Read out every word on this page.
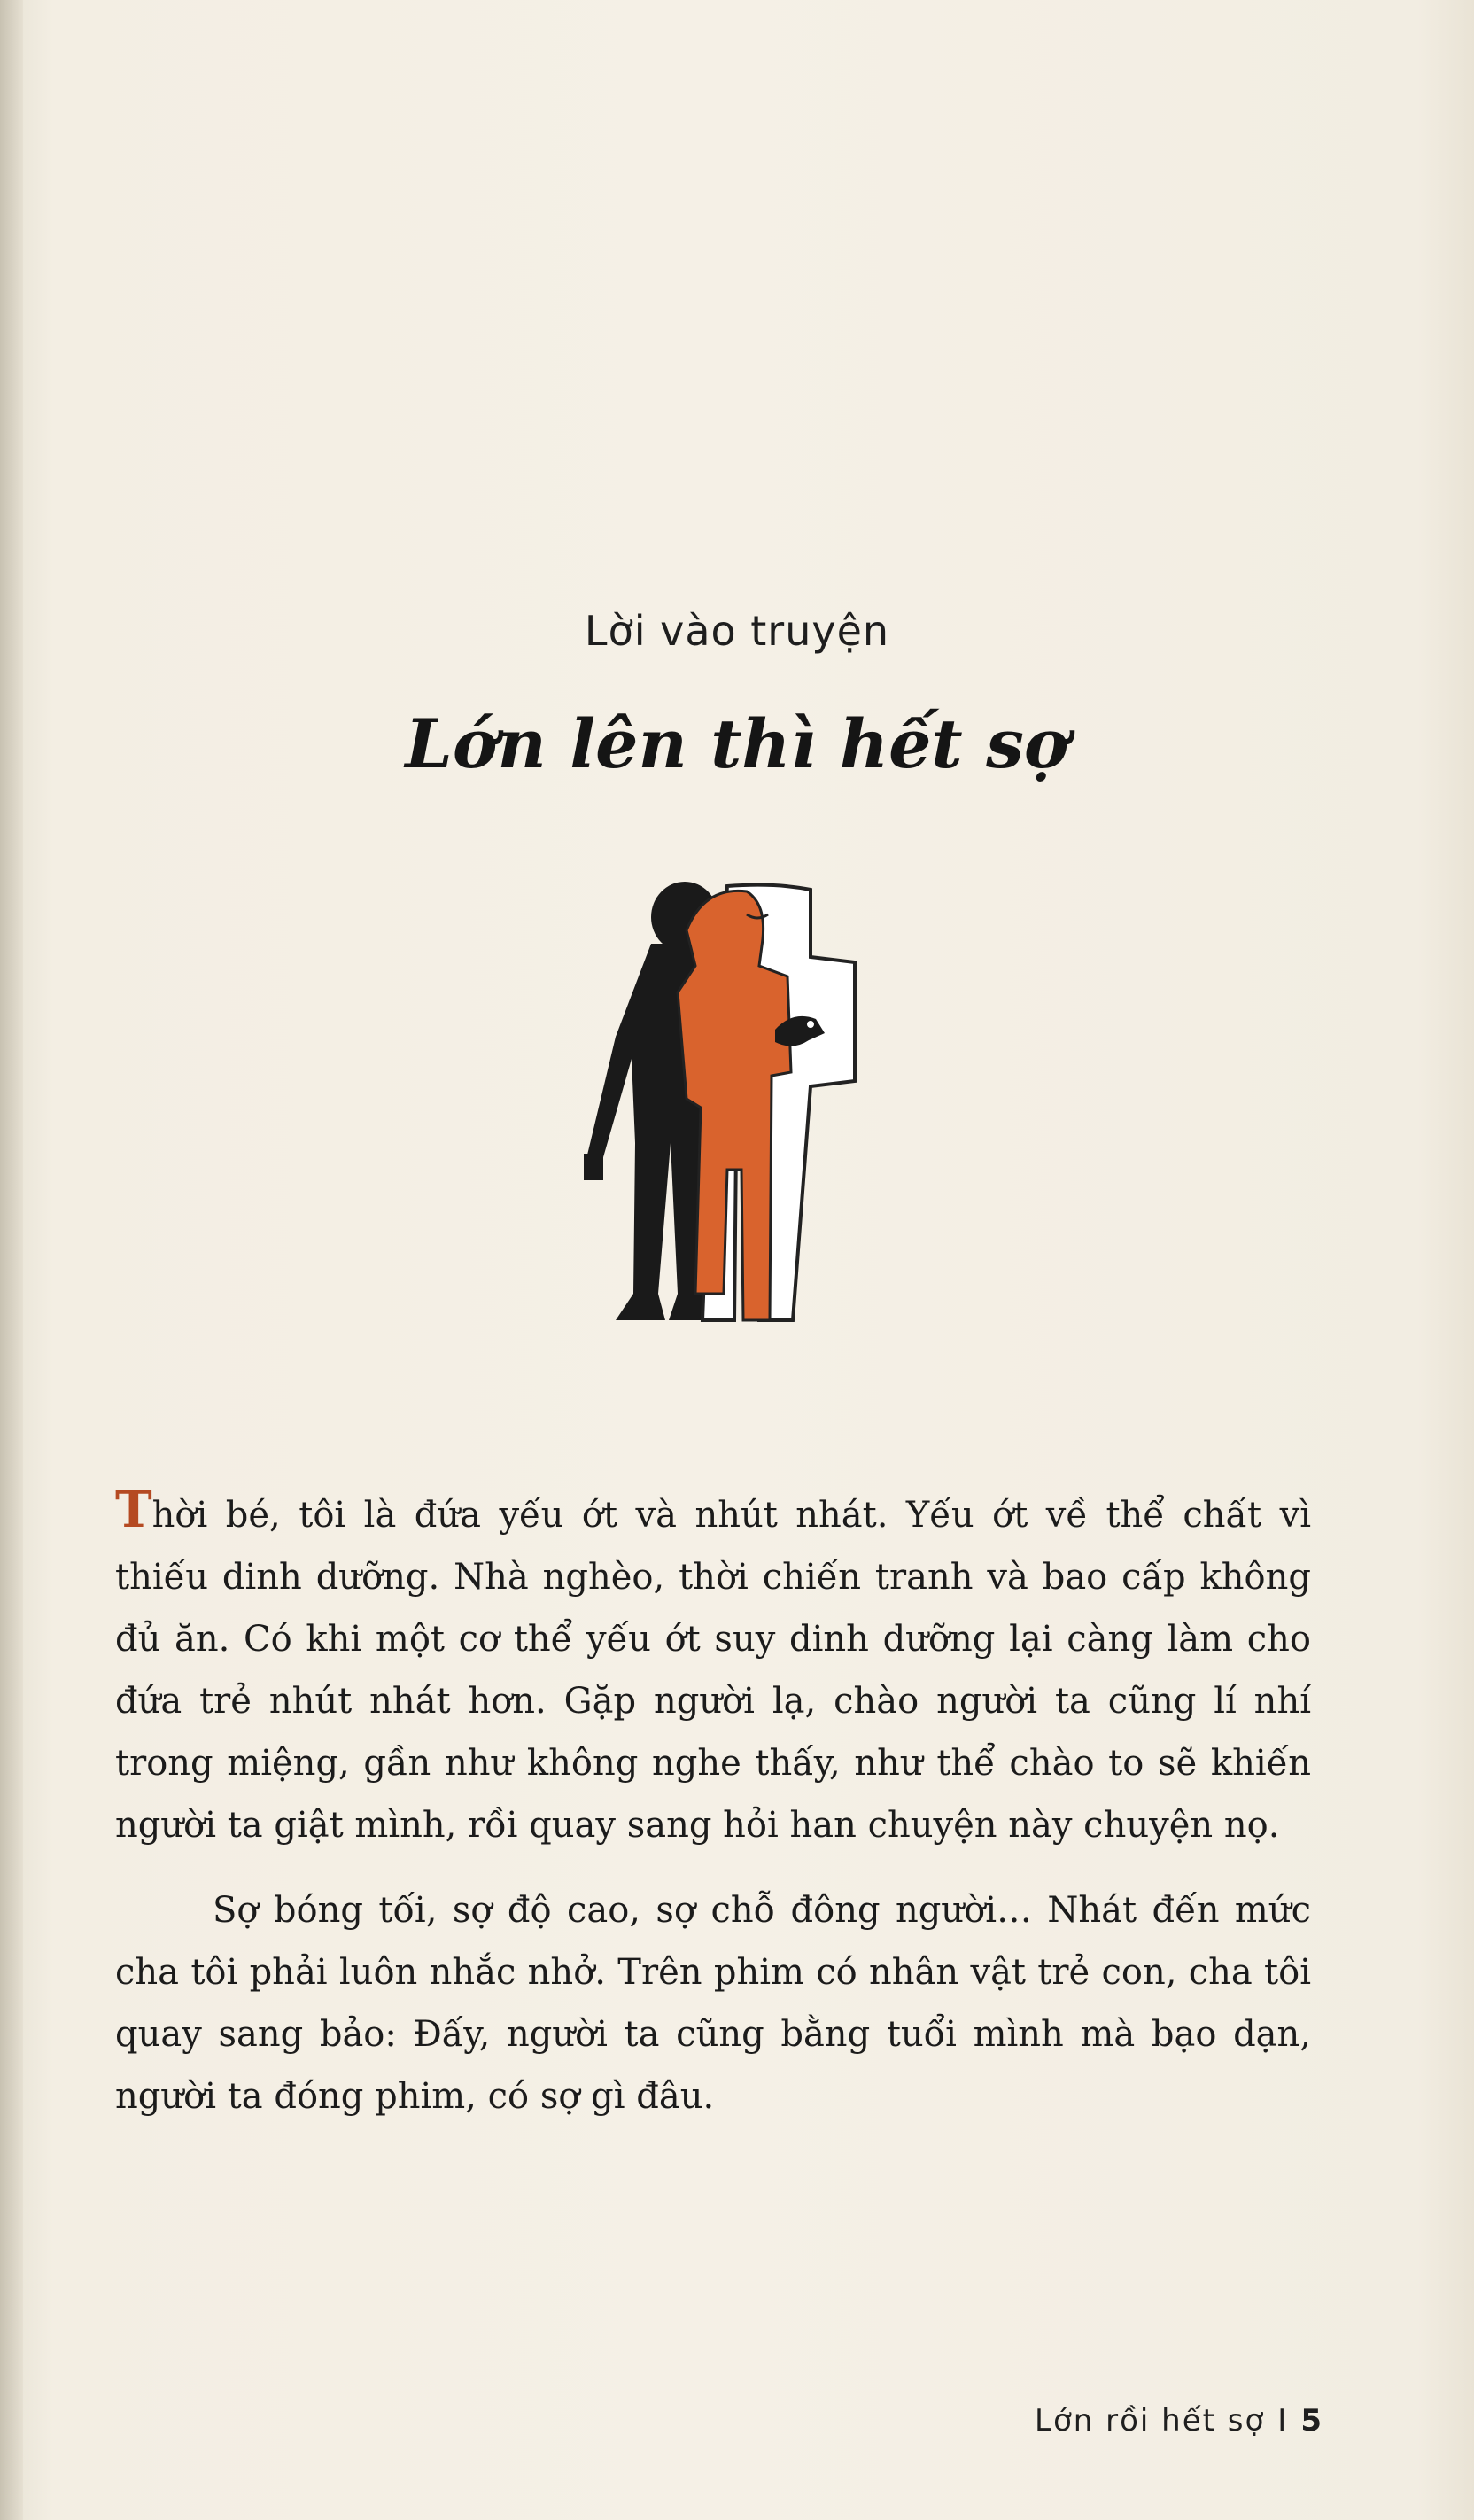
Lời vào truyện
Lớn lên thì hết sợ

Thời bé, tôi là đứa yếu ớt và nhút nhát. Yếu ớt về thể chất vì thiếu dinh dưỡng. Nhà nghèo, thời chiến tranh và bao cấp không đủ ăn. Có khi một cơ thể yếu ớt suy dinh dưỡng lại càng làm cho đứa trẻ nhút nhát hơn. Gặp người lạ, chào người ta cũng lí nhí trong miệng, gần như không nghe thấy, như thể chào to sẽ khiến người ta giật mình, rồi quay sang hỏi han chuyện này chuyện nọ.

Sợ bóng tối, sợ độ cao, sợ chỗ đông người… Nhát đến mức cha tôi phải luôn nhắc nhở. Trên phim có nhân vật trẻ con, cha tôi quay sang bảo: Đấy, người ta cũng bằng tuổi mình mà bạo dạn, người ta đóng phim, có sợ gì đâu.

Lớn rồi hết sợ I 5
